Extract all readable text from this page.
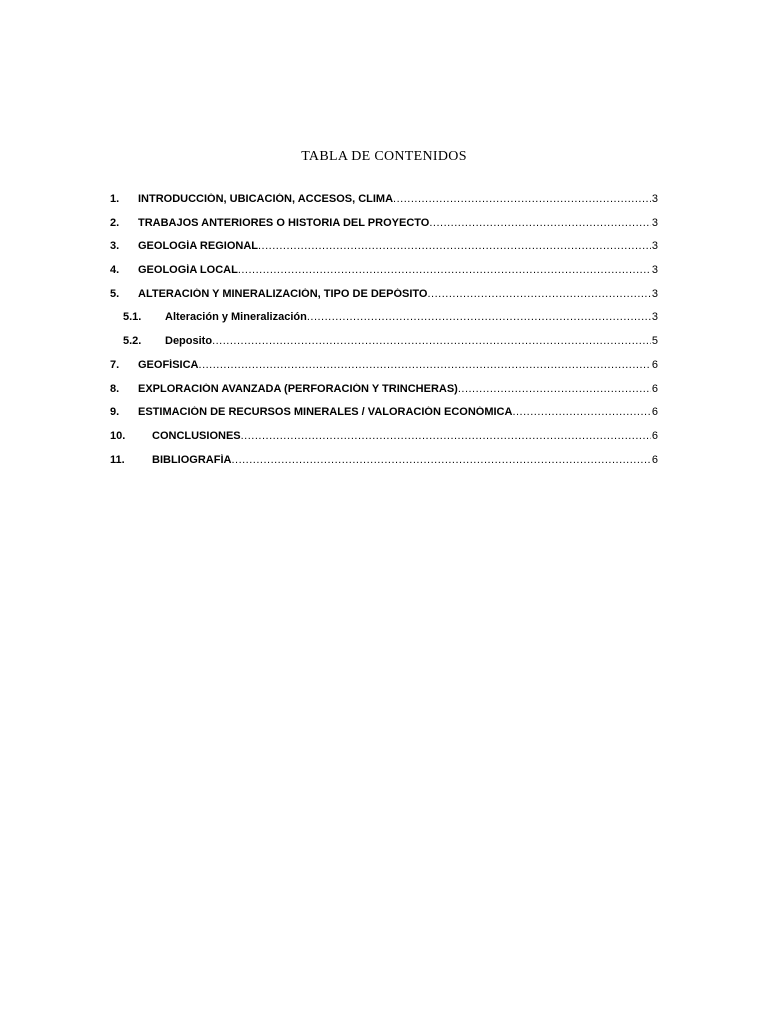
TABLA DE CONTENIDOS
1.	INTRODUCCIÓN, UBICACIÓN, ACCESOS, CLIMA .....	3
2.	TRABAJOS ANTERIORES O HISTORIA DEL PROYECTO .....	3
3.	GEOLOGÍA REGIONAL .....	3
4.	GEOLOGÍA LOCAL .....	3
5.	ALTERACIÓN Y MINERALIZACIÓN, TIPO DE DEPÓSITO .....	3
5.1.	Alteración y Mineralización .....	3
5.2.	Deposito .....	5
7.	GEOFÍSICA .....	6
8.	EXPLORACIÓN AVANZADA (PERFORACIÓN Y TRINCHERAS) .....	6
9.	ESTIMACIÓN DE RECURSOS MINERALES / VALORACIÓN ECONÓMICA .....	6
10.	CONCLUSIONES .....	6
11.	BIBLIOGRAFÍA .....	6
